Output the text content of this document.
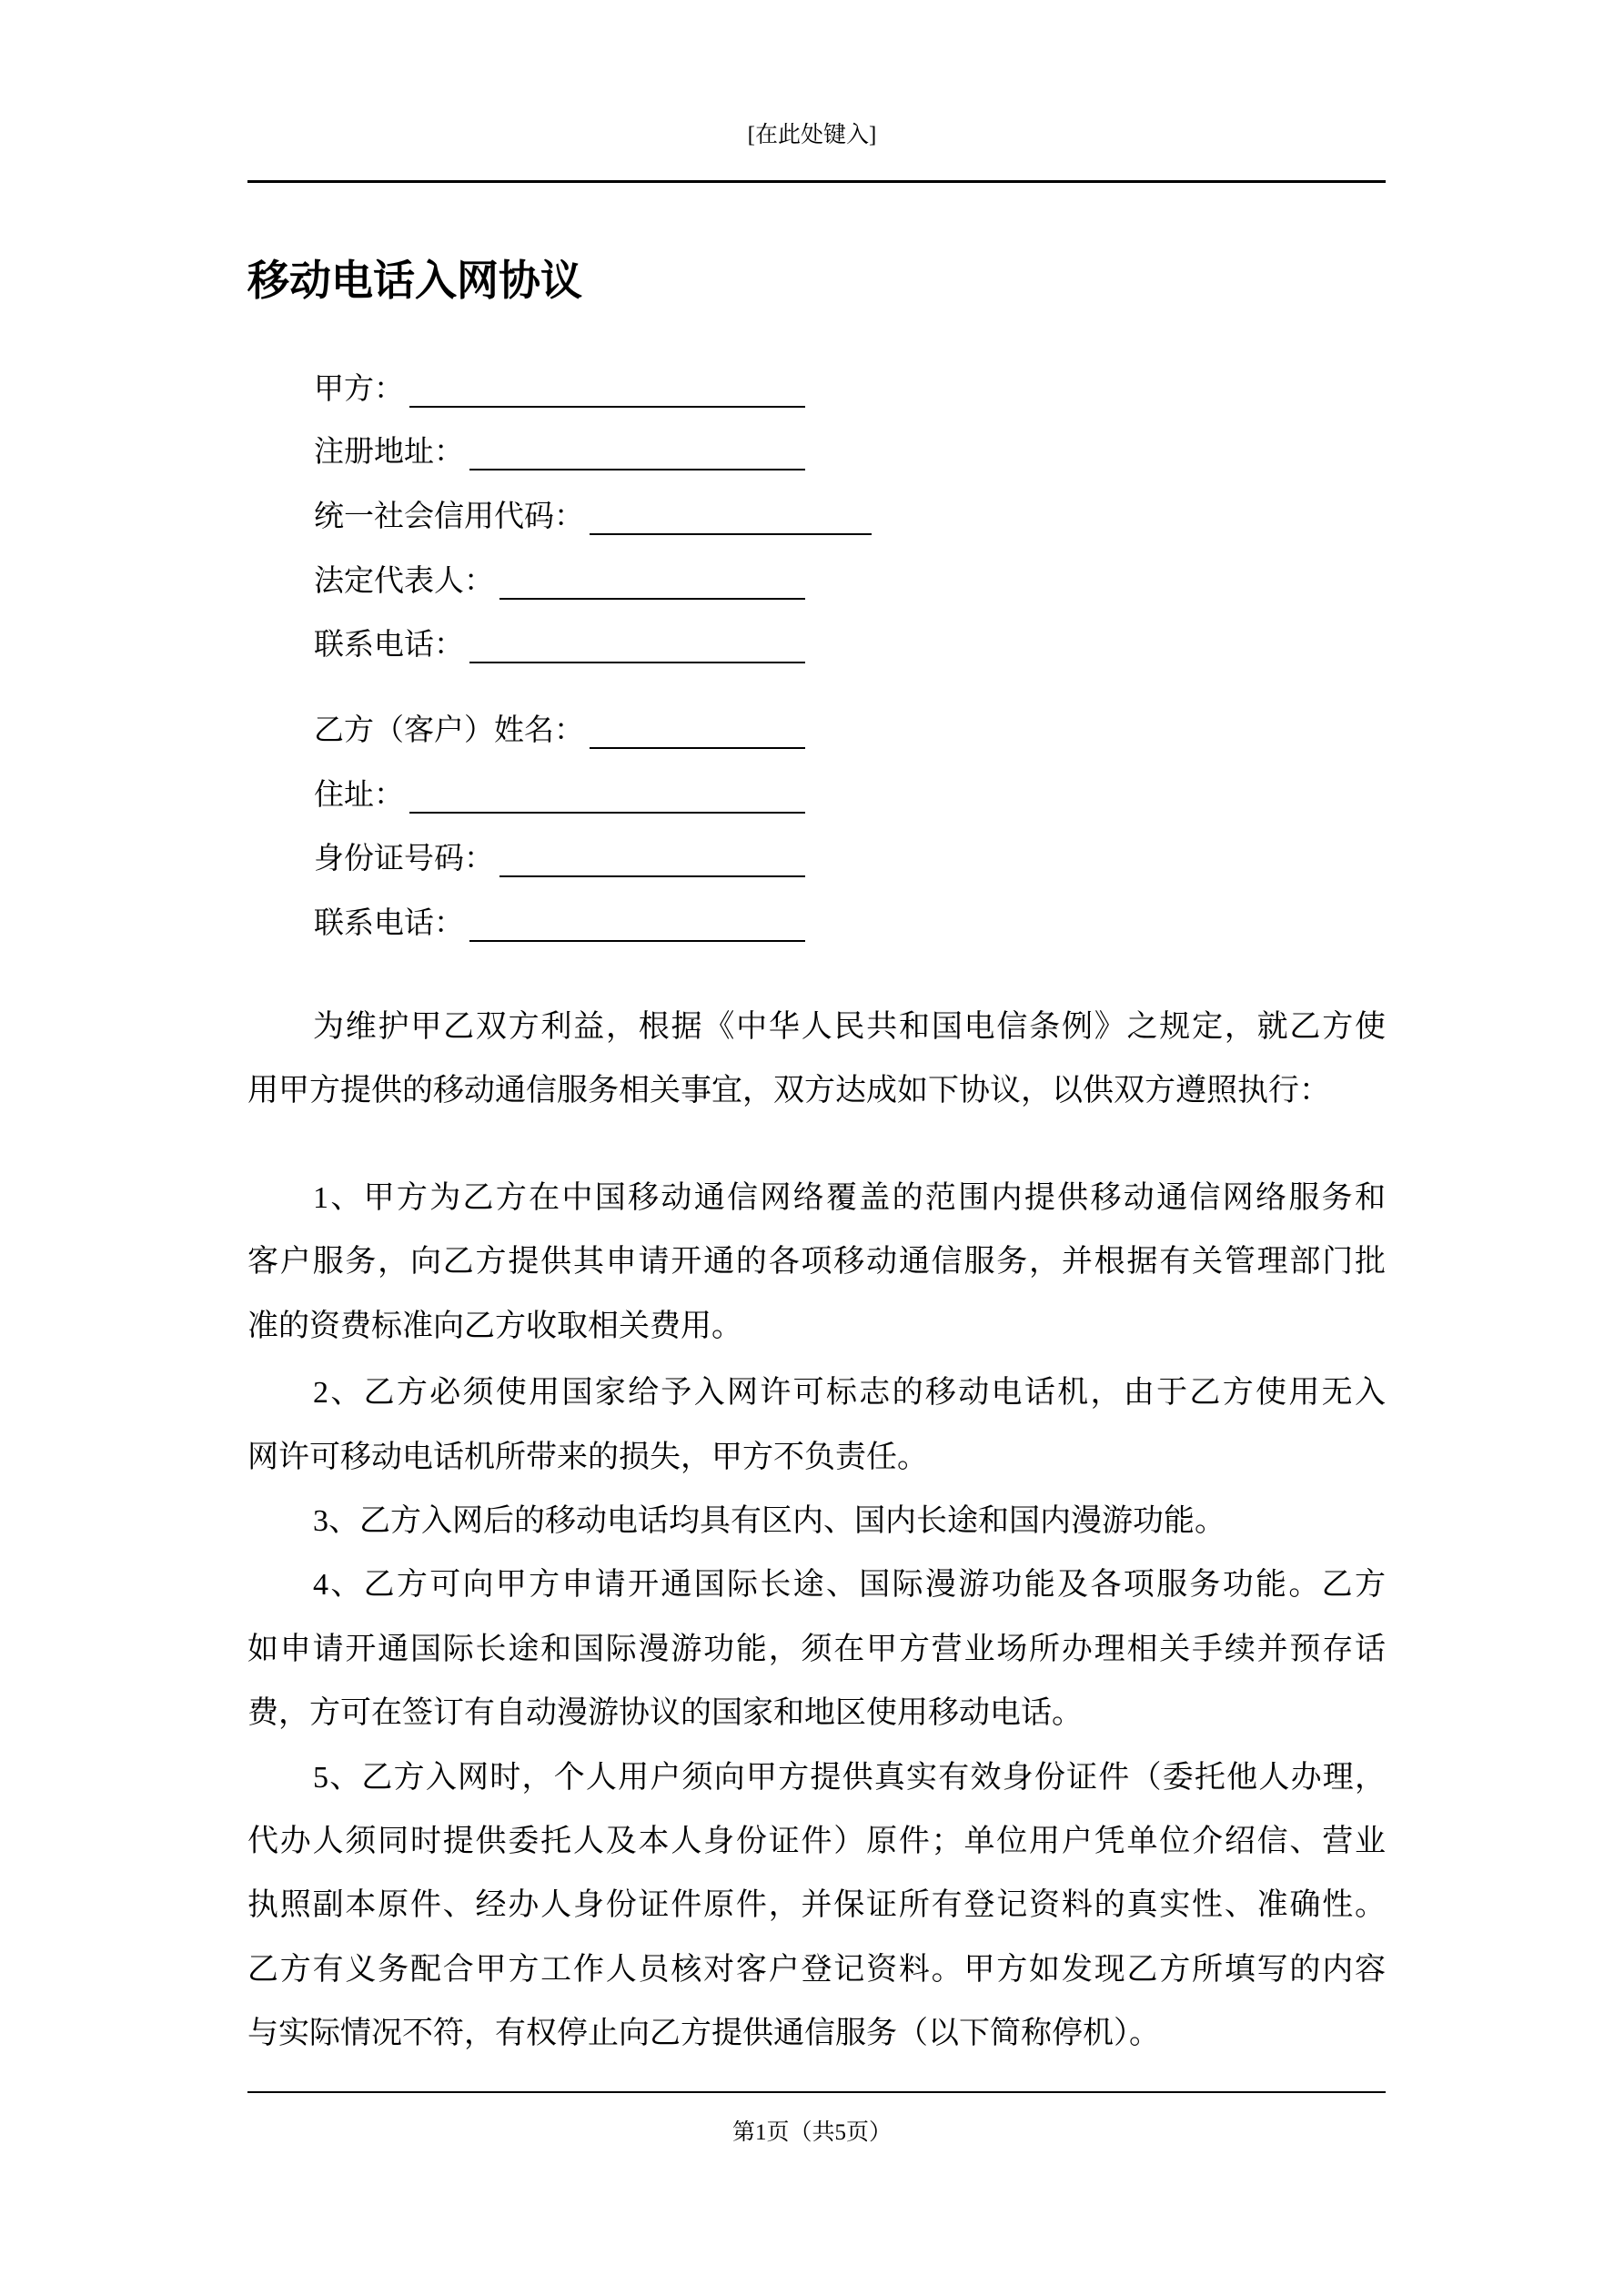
[在此处键入]
移动电话入网协议
甲方：
注册地址：
统一社会信用代码：
法定代表人：
联系电话：
乙方（客户）姓名：
住址：
身份证号码：
联系电话：
为维护甲乙双方利益，根据《中华人民共和国电信条例》之规定，就乙方使
用甲方提供的移动通信服务相关事宜，双方达成如下协议，以供双方遵照执行：
1、甲方为乙方在中国移动通信网络覆盖的范围内提供移动通信网络服务和
客户服务，向乙方提供其申请开通的各项移动通信服务，并根据有关管理部门批
准的资费标准向乙方收取相关费用。
2、乙方必须使用国家给予入网许可标志的移动电话机，由于乙方使用无入
网许可移动电话机所带来的损失，甲方不负责任。
3、乙方入网后的移动电话均具有区内、国内长途和国内漫游功能。
4、乙方可向甲方申请开通国际长途、国际漫游功能及各项服务功能。乙方
如申请开通国际长途和国际漫游功能，须在甲方营业场所办理相关手续并预存话
费，方可在签订有自动漫游协议的国家和地区使用移动电话。
5、乙方入网时，个人用户须向甲方提供真实有效身份证件（委托他人办理，
代办人须同时提供委托人及本人身份证件）原件；单位用户凭单位介绍信、营业
执照副本原件、经办人身份证件原件，并保证所有登记资料的真实性、准确性。
乙方有义务配合甲方工作人员核对客户登记资料。甲方如发现乙方所填写的内容
与实际情况不符，有权停止向乙方提供通信服务（以下简称停机）。
第1页（共5页）
